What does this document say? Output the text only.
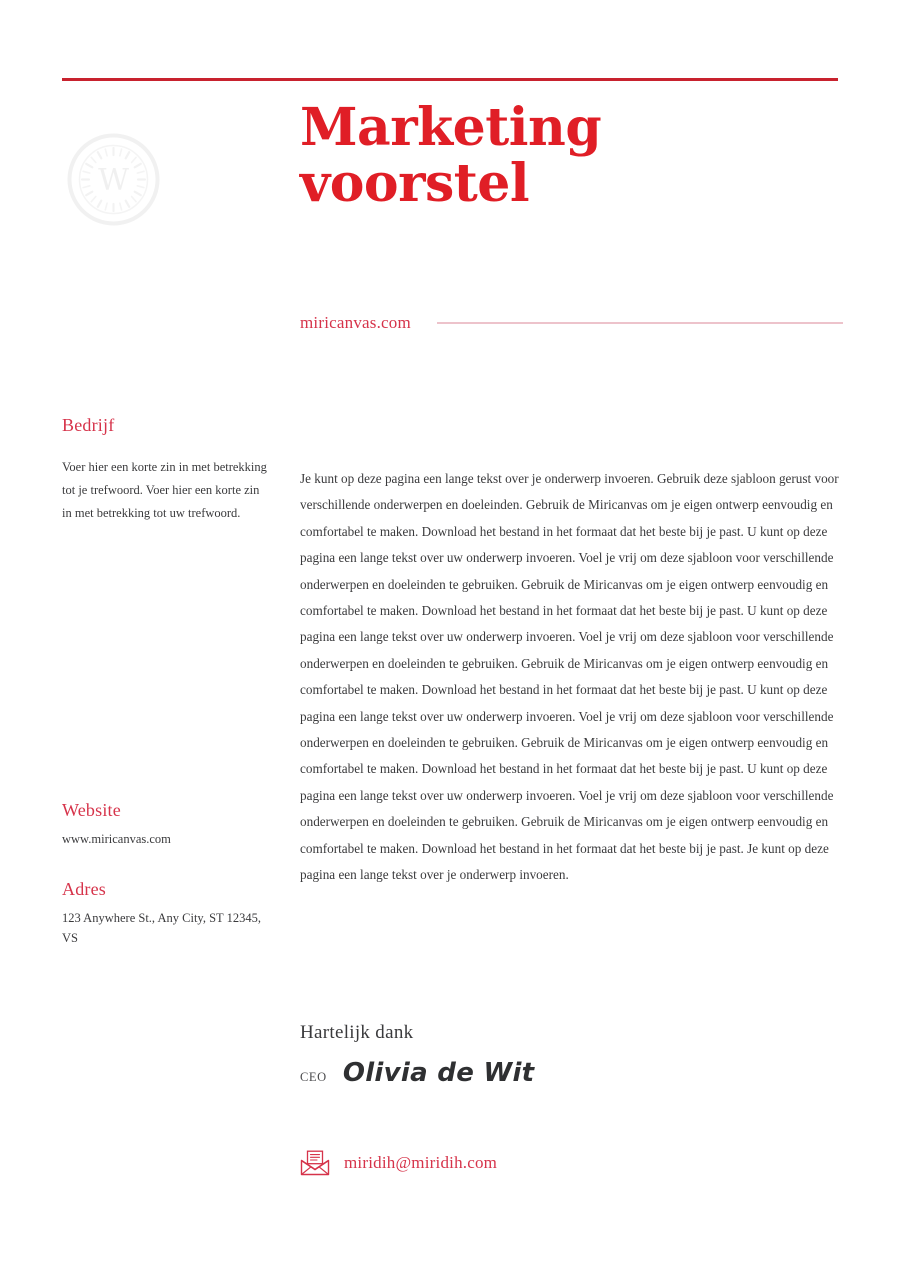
W
Marketing
voorstel
miricanvas.com
Bedrijf

Voer hier een korte zin in met betrekking tot je trefwoord. Voer hier een korte zin in met betrekking tot uw trefwoord.

Website

www.miricanvas.com

Adres

123 Anywhere St., Any City, ST 12345, VS

Je kunt op deze pagina een lange tekst over je onderwerp invoeren. Gebruik deze sjabloon gerust voor verschillende onderwerpen en doeleinden. Gebruik de Miricanvas om je eigen ontwerp eenvoudig en comfortabel te maken. Download het bestand in het formaat dat het beste bij je past. U kunt op deze pagina een lange tekst over uw onderwerp invoeren. Voel je vrij om deze sjabloon voor verschillende onderwerpen en doeleinden te gebruiken. Gebruik de Miricanvas om je eigen ontwerp eenvoudig en comfortabel te maken. Download het bestand in het formaat dat het beste bij je past. U kunt op deze pagina een lange tekst over uw onderwerp invoeren. Voel je vrij om deze sjabloon voor verschillende onderwerpen en doeleinden te gebruiken. Gebruik de Miricanvas om je eigen ontwerp eenvoudig en comfortabel te maken. Download het bestand in het formaat dat het beste bij je past. U kunt op deze pagina een lange tekst over uw onderwerp invoeren. Voel je vrij om deze sjabloon voor verschillende onderwerpen en doeleinden te gebruiken. Gebruik de Miricanvas om je eigen ontwerp eenvoudig en comfortabel te maken. Download het bestand in het formaat dat het beste bij je past. U kunt op deze pagina een lange tekst over uw onderwerp invoeren. Voel je vrij om deze sjabloon voor verschillende onderwerpen en doeleinden te gebruiken. Gebruik de Miricanvas om je eigen ontwerp eenvoudig en comfortabel te maken. Download het bestand in het formaat dat het beste bij je past. Je kunt op deze pagina een lange tekst over je onderwerp invoeren.

Hartelijk dank
CEO Olivia de Wit
miridih@miridih.com
